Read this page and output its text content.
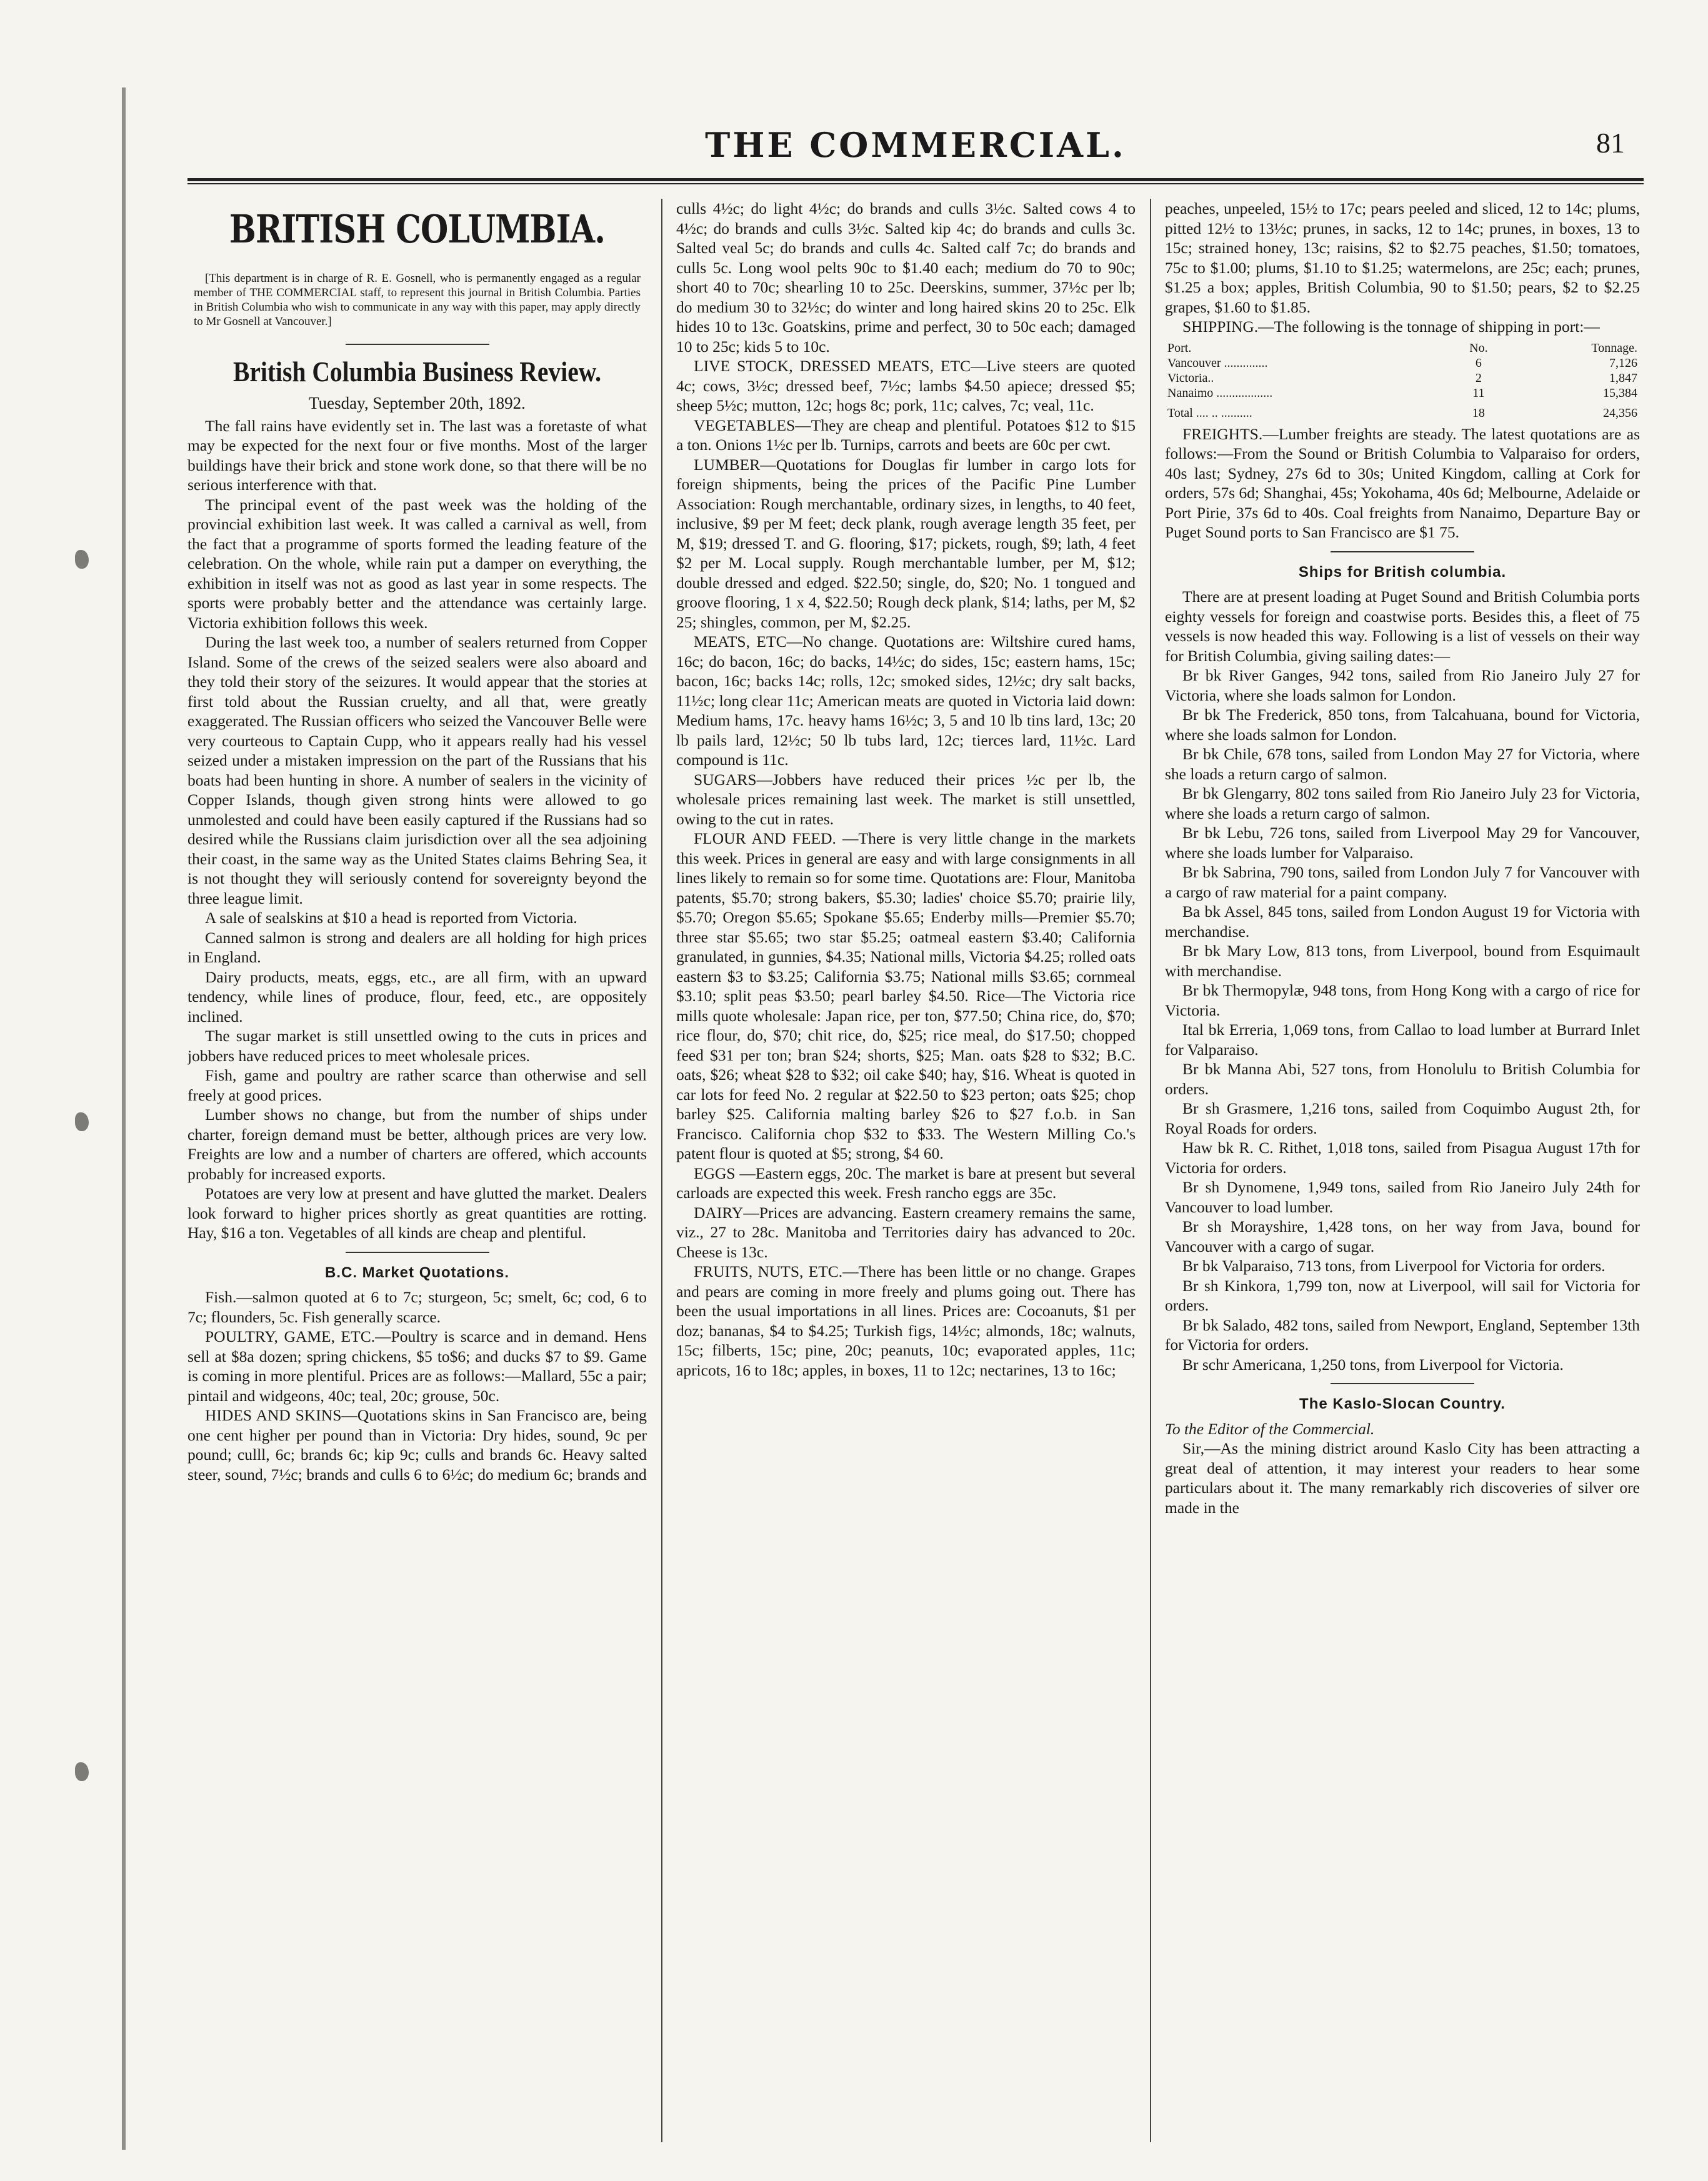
THE COMMERCIAL.	81
BRITISH COLUMBIA.
[This department is in charge of R. E. Gosnell, who is permanently engaged as a regular member of THE COMMERCIAL staff, to represent this journal in British Columbia. Parties in British Columbia who wish to communicate in any way with this paper, may apply directly to Mr Gosnell at Vancouver.]
British Columbia Business Review.
Tuesday, September 20th, 1892.

The fall rains have evidently set in. The last was a foretaste of what may be expected for the next four or five months. Most of the larger buildings have their brick and stone work done, so that there will be no serious interference with that.

The principal event of the past week was the holding of the provincial exhibition last week. It was called a carnival as well, from the fact that a programme of sports formed the leading feature of the celebration. On the whole, while rain put a damper on everything, the exhibition in itself was not as good as last year in some respects. The sports were probably better and the attendance was certainly large. Victoria exhibition follows this week.

During the last week too, a number of sealers returned from Copper Island. Some of the crews of the seized sealers were also aboard and they told their story of the seizures. It would appear that the stories at first told about the Russian cruelty, and all that, were greatly exaggerated. The Russian officers who seized the Vancouver Belle were very courteous to Captain Cupp, who it appears really had his vessel seized under a mistaken impression on the part of the Russians that his boats had been hunting in shore. A number of sealers in the vicinity of Copper Islands, though given strong hints were allowed to go unmolested and could have been easily captured if the Russians had so desired while the Russians claim jurisdiction over all the sea adjoining their coast, in the same way as the United States claims Behring Sea, it is not thought they will seriously contend for sovereignty beyond the three league limit.

A sale of sealskins at $10 a head is reported from Victoria.

Canned salmon is strong and dealers are all holding for high prices in England.

Dairy products, meats, eggs, etc., are all firm, with an upward tendency, while lines of produce, flour, feed, etc., are oppositely inclined.

The sugar market is still unsettled owing to the cuts in prices and jobbers have reduced prices to meet wholesale prices.

Fish, game and poultry are rather scarce than otherwise and sell freely at good prices.

Lumber shows no change, but from the number of ships under charter, foreign demand must be better, although prices are very low. Freights are low and a number of charters are offered, which accounts probably for increased exports.

Potatoes are very low at present and have glutted the market. Dealers look forward to higher prices shortly as great quantities are rotting. Hay, $16 a ton. Vegetables of all kinds are cheap and plentiful.

B.C. Market Quotations.

Fish.—salmon quoted at 6 to 7c; sturgeon, 5c; smelt, 6c; cod, 6 to 7c; flounders, 5c. Fish generally scarce.

POULTRY, GAME, ETC.—Poultry is scarce and in demand. Hens sell at $8a dozen; spring chickens, $5 to$6; and ducks $7 to $9. Game is coming in more plentiful. Prices are as follows:—Mallard, 55c a pair; pintail and widgeons, 40c; teal, 20c; grouse, 50c.

HIDES AND SKINS—Quotations skins in San Francisco are, being one cent higher per pound than in Victoria: Dry hides, sound, 9c per pound; culll, 6c; brands 6c; kip 9c; culls and brands 6c. Heavy salted steer, sound, 7½c; brands and culls 6 to 6½c; do medium 6c; brands and

culls 4½c; do light 4½c; do brands and culls 3½c. Salted cows 4 to 4½c; do brands and culls 3½c. Salted kip 4c; do brands and culls 3c. Salted veal 5c; do brands and culls 4c. Salted calf 7c; do brands and culls 5c. Long wool pelts 90c to $1.40 each; medium do 70 to 90c; short 40 to 70c; shearling 10 to 25c. Deerskins, summer, 37½c per lb; do medium 30 to 32½c; do winter and long haired skins 20 to 25c. Elk hides 10 to 13c. Goatskins, prime and perfect, 30 to 50c each; damaged 10 to 25c; kids 5 to 10c.

LIVE STOCK, DRESSED MEATS, ETC—Live steers are quoted 4c; cows, 3½c; dressed beef, 7½c; lambs $4.50 apiece; dressed $5; sheep 5½c; mutton, 12c; hogs 8c; pork, 11c; calves, 7c; veal, 11c.

VEGETABLES—They are cheap and plentiful. Potatoes $12 to $15 a ton. Onions 1½c per lb. Turnips, carrots and beets are 60c per cwt.

LUMBER—Quotations for Douglas fir lumber in cargo lots for foreign shipments, being the prices of the Pacific Pine Lumber Association: Rough merchantable, ordinary sizes, in lengths, to 40 feet, inclusive, $9 per M feet; deck plank, rough average length 35 feet, per M, $19; dressed T. and G. flooring, $17; pickets, rough, $9; lath, 4 feet $2 per M. Local supply. Rough merchantable lumber, per M, $12; double dressed and edged. $22.50; single, do, $20; No. 1 tongued and groove flooring, 1 x 4, $22.50; Rough deck plank, $14; laths, per M, $2 25; shingles, common, per M, $2.25.

MEATS, ETC—No change. Quotations are: Wiltshire cured hams, 16c; do bacon, 16c; do backs, 14½c; do sides, 15c; eastern hams, 15c; bacon, 16c; backs 14c; rolls, 12c; smoked sides, 12½c; dry salt backs, 11½c; long clear 11c; American meats are quoted in Victoria laid down: Medium hams, 17c. heavy hams 16½c; 3, 5 and 10 lb tins lard, 13c; 20 lb pails lard, 12½c; 50 lb tubs lard, 12c; tierces lard, 11½c. Lard compound is 11c.

SUGARS—Jobbers have reduced their prices ½c per lb, the wholesale prices remaining last week. The market is still unsettled, owing to the cut in rates.

FLOUR AND FEED. —There is very little change in the markets this week. Prices in general are easy and with large consignments in all lines likely to remain so for some time. Quotations are: Flour, Manitoba patents, $5.70; strong bakers, $5.30; ladies' choice $5.70; prairie lily, $5.70; Oregon $5.65; Spokane $5.65; Enderby mills—Premier $5.70; three star $5.65; two star $5.25; oatmeal eastern $3.40; California granulated, in gunnies, $4.35; National mills, Victoria $4.25; rolled oats eastern $3 to $3.25; California $3.75; National mills $3.65; cornmeal $3.10; split peas $3.50; pearl barley $4.50. Rice—The Victoria rice mills quote wholesale: Japan rice, per ton, $77.50; China rice, do, $70; rice flour, do, $70; chit rice, do, $25; rice meal, do $17.50; chopped feed $31 per ton; bran $24; shorts, $25; Man. oats $28 to $32; B.C. oats, $26; wheat $28 to $32; oil cake $40; hay, $16. Wheat is quoted in car lots for feed No. 2 regular at $22.50 to $23 perton; oats $25; chop barley $25. California malting barley $26 to $27 f.o.b. in San Francisco. California chop $32 to $33. The Western Milling Co.'s patent flour is quoted at $5; strong, $4 60.

EGGS —Eastern eggs, 20c. The market is bare at present but several carloads are expected this week. Fresh rancho eggs are 35c.

DAIRY—Prices are advancing. Eastern creamery remains the same, viz., 27 to 28c. Manitoba and Territories dairy has advanced to 20c. Cheese is 13c.

FRUITS, NUTS, ETC.—There has been little or no change. Grapes and pears are coming in more freely and plums going out. There has been the usual importations in all lines. Prices are: Cocoanuts, $1 per doz; bananas, $4 to $4.25; Turkish figs, 14½c; almonds, 18c; walnuts, 15c; filberts, 15c; pine, 20c; peanuts, 10c; evaporated apples, 11c; apricots, 16 to 18c; apples, in boxes, 11 to 12c; nectarines, 13 to 16c;

peaches, unpeeled, 15½ to 17c; pears peeled and sliced, 12 to 14c; plums, pitted 12½ to 13½c; prunes, in sacks, 12 to 14c; prunes, in boxes, 13 to 15c; strained honey, 13c; raisins, $2 to $2.75 peaches, $1.50; tomatoes, 75c to $1.00; plums, $1.10 to $1.25; watermelons, are 25c; each; prunes, $1.25 a box; apples, British Columbia, 90 to $1.50; pears, $2 to $2.25 grapes, $1.60 to $1.85.

SHIPPING.—The following is the tonnage of shipping in port:—

Port.	No.	Tonnage.
Vancouver ..............	6	7,126
Victoria..	2	1,847
Nanaimo ..................	11	15,384
Total .... .. ..........	18	24,356

FREIGHTS.—Lumber freights are steady. The latest quotations are as follows:—From the Sound or British Columbia to Valparaiso for orders, 40s last; Sydney, 27s 6d to 30s; United Kingdom, calling at Cork for orders, 57s 6d; Shanghai, 45s; Yokohama, 40s 6d; Melbourne, Adelaide or Port Pirie, 37s 6d to 40s. Coal freights from Nanaimo, Departure Bay or Puget Sound ports to San Francisco are $1 75.

Ships for British columbia.

There are at present loading at Puget Sound and British Columbia ports eighty vessels for foreign and coastwise ports. Besides this, a fleet of 75 vessels is now headed this way. Following is a list of vessels on their way for British Columbia, giving sailing dates:—

Br bk River Ganges, 942 tons, sailed from Rio Janeiro July 27 for Victoria, where she loads salmon for London.

Br bk The Frederick, 850 tons, from Talcahuana, bound for Victoria, where she loads salmon for London.

Br bk Chile, 678 tons, sailed from London May 27 for Victoria, where she loads a return cargo of salmon.

Br bk Glengarry, 802 tons sailed from Rio Janeiro July 23 for Victoria, where she loads a return cargo of salmon.

Br bk Lebu, 726 tons, sailed from Liverpool May 29 for Vancouver, where she loads lumber for Valparaiso.

Br bk Sabrina, 790 tons, sailed from London July 7 for Vancouver with a cargo of raw material for a paint company.

Ba bk Assel, 845 tons, sailed from London August 19 for Victoria with merchandise.

Br bk Mary Low, 813 tons, from Liverpool, bound from Esquimault with merchandise.

Br bk Thermopylæ, 948 tons, from Hong Kong with a cargo of rice for Victoria.

Ital bk Erreria, 1,069 tons, from Callao to load lumber at Burrard Inlet for Valparaiso.

Br bk Manna Abi, 527 tons, from Honolulu to British Columbia for orders.

Br sh Grasmere, 1,216 tons, sailed from Coquimbo August 2th, for Royal Roads for orders.

Haw bk R. C. Rithet, 1,018 tons, sailed from Pisagua August 17th for Victoria for orders.

Br sh Dynomene, 1,949 tons, sailed from Rio Janeiro July 24th for Vancouver to load lumber.

Br sh Morayshire, 1,428 tons, on her way from Java, bound for Vancouver with a cargo of sugar.

Br bk Valparaiso, 713 tons, from Liverpool for Victoria for orders.

Br sh Kinkora, 1,799 ton, now at Liverpool, will sail for Victoria for orders.

Br bk Salado, 482 tons, sailed from Newport, England, September 13th for Victoria for orders.

Br schr Americana, 1,250 tons, from Liverpool for Victoria.

The Kaslo-Slocan Country.

To the Editor of the Commercial.

Sir,—As the mining district around Kaslo City has been attracting a great deal of attention, it may interest your readers to hear some particulars about it. The many remarkably rich discoveries of silver ore made in the
